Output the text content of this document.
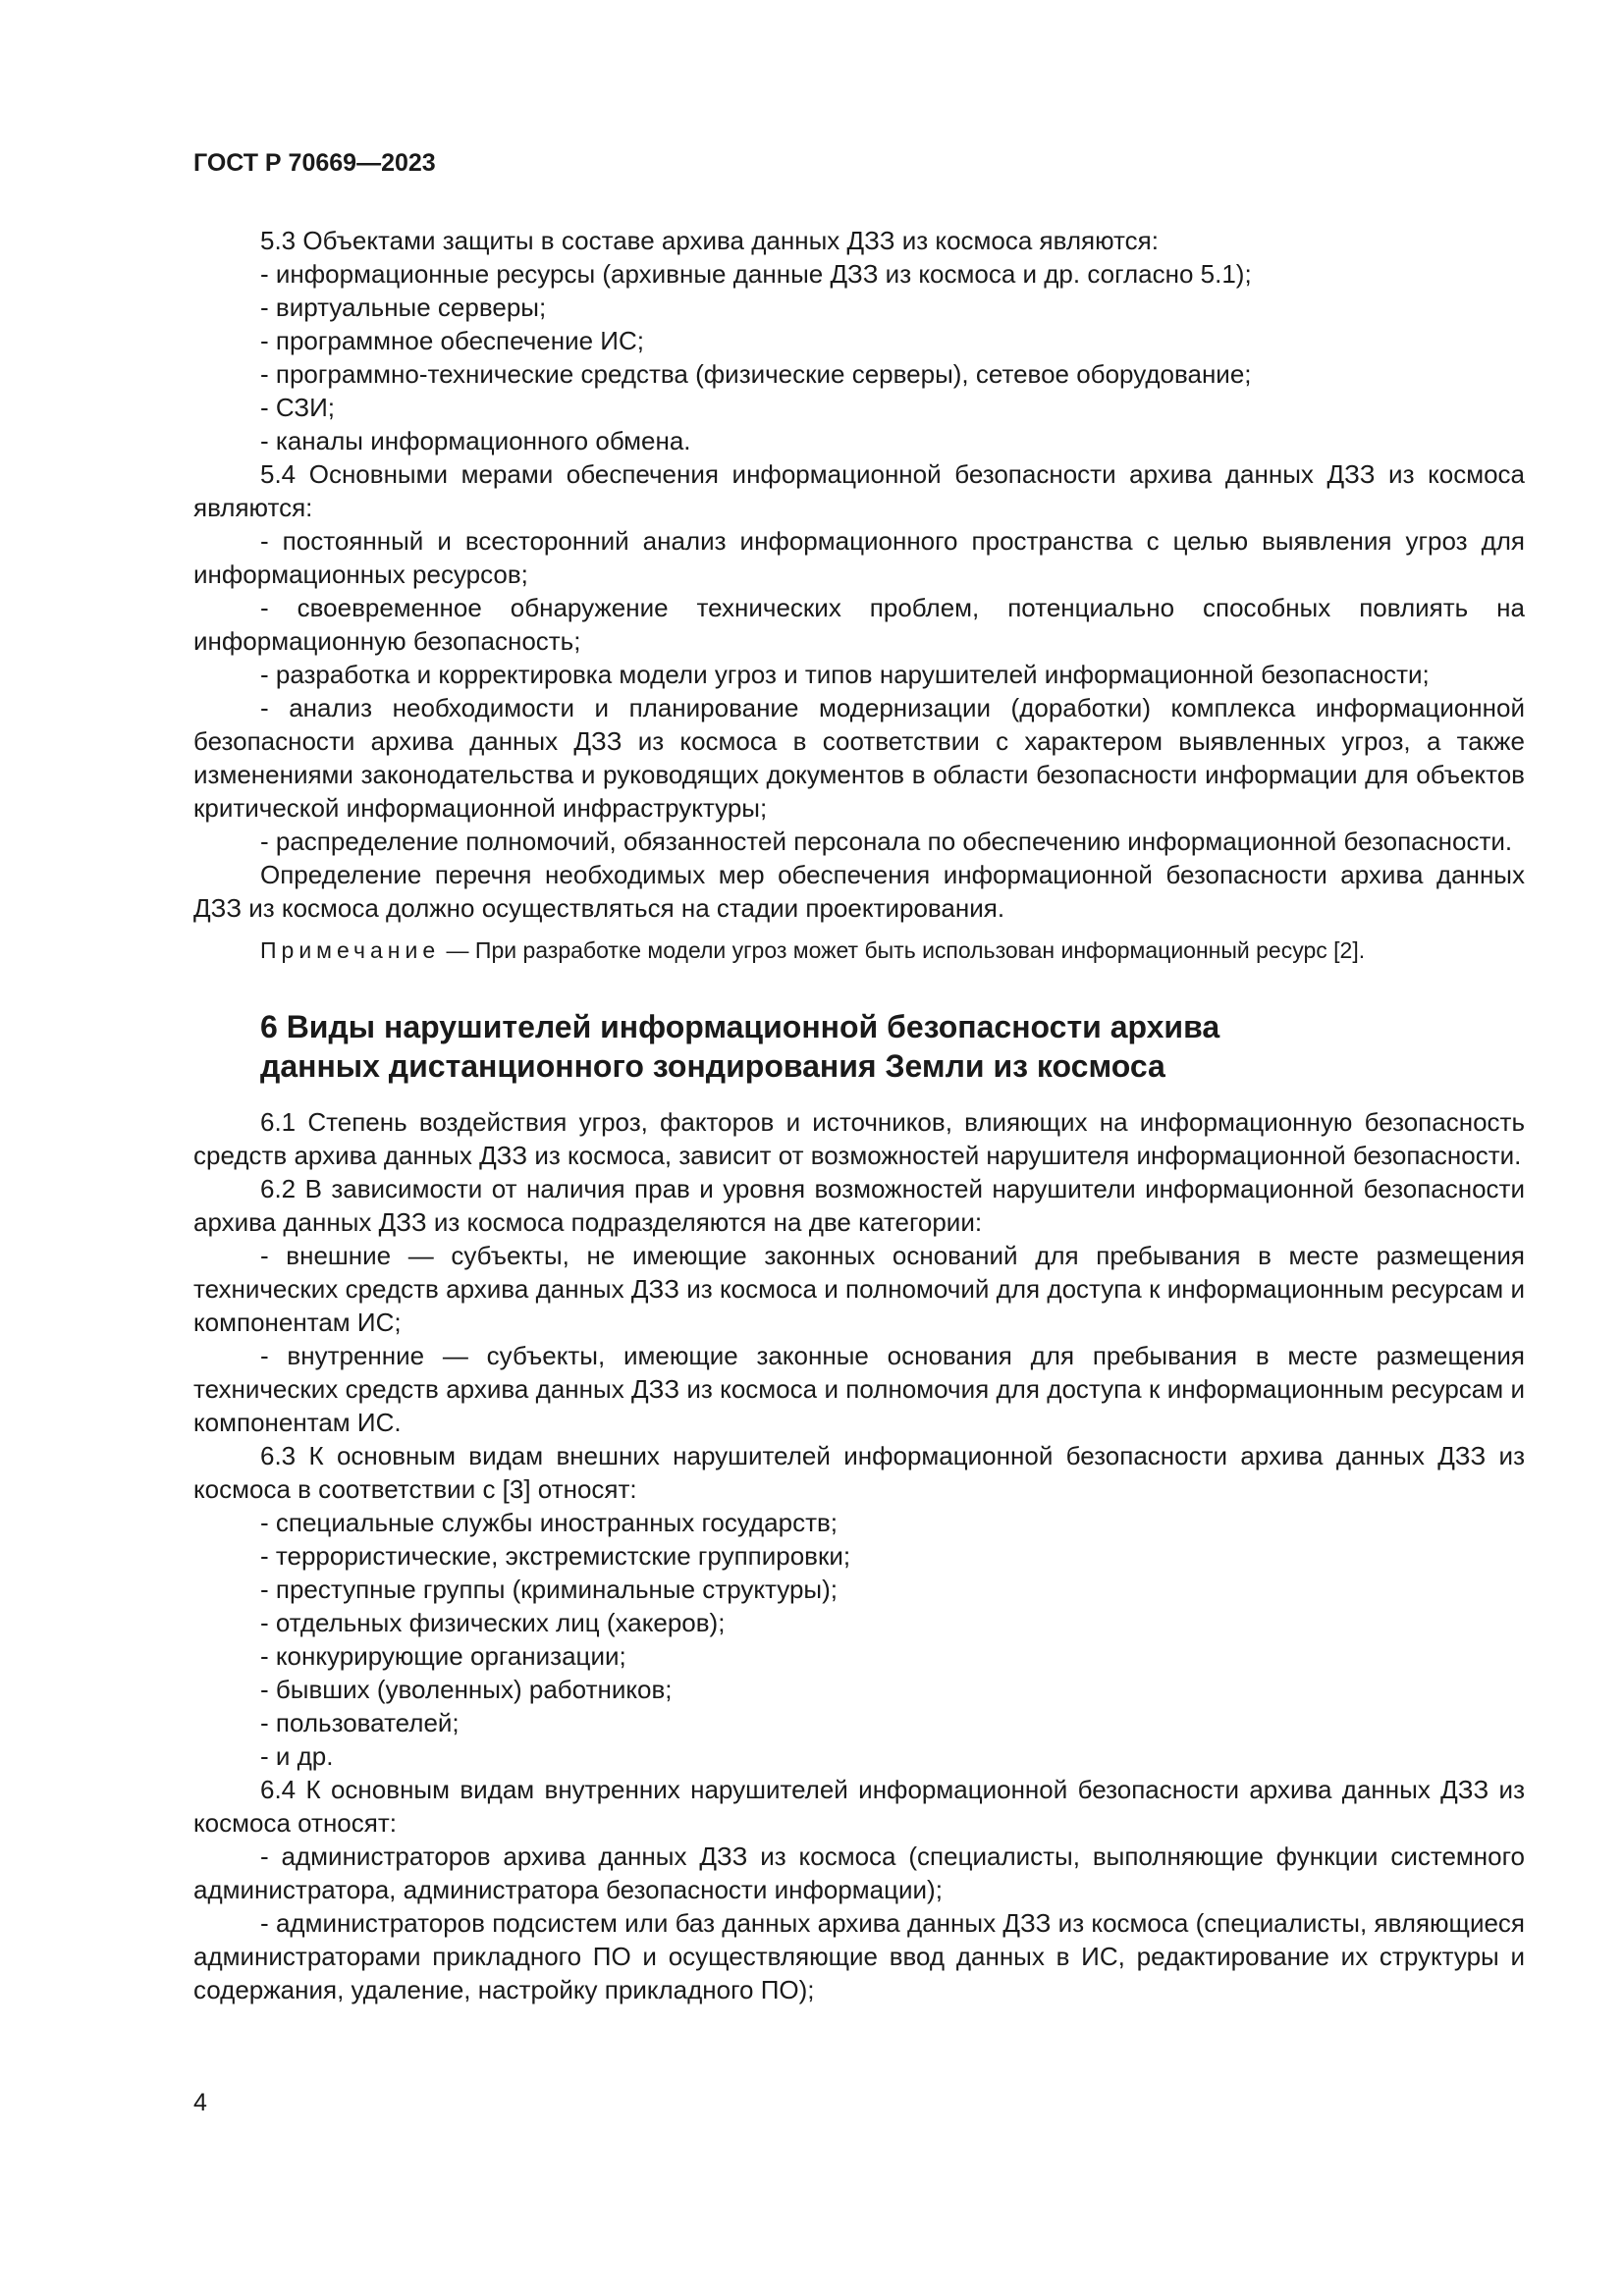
ГОСТ Р 70669—2023

5.3 Объектами защиты в составе архива данных ДЗЗ из космоса являются:

- информационные ресурсы (архивные данные ДЗЗ из космоса и др. согласно 5.1);

- виртуальные серверы;

- программное обеспечение ИС;

- программно-технические средства (физические серверы), сетевое оборудование;

- СЗИ;

- каналы информационного обмена.

5.4 Основными мерами обеспечения информационной безопасности архива данных ДЗЗ из космоса являются:

- постоянный и всесторонний анализ информационного пространства с целью выявления угроз для информационных ресурсов;

- своевременное обнаружение технических проблем, потенциально способных повлиять на информационную безопасность;

- разработка и корректировка модели угроз и типов нарушителей информационной безопасности;

- анализ необходимости и планирование модернизации (доработки) комплекса информационной безопасности архива данных ДЗЗ из космоса в соответствии с характером выявленных угроз, а также изменениями законодательства и руководящих документов в области безопасности информации для объектов критической информационной инфраструктуры;

- распределение полномочий, обязанностей персонала по обеспечению информационной безопасности.

Определение перечня необходимых мер обеспечения информационной безопасности архива данных ДЗЗ из космоса должно осуществляться на стадии проектирования.

Примечание — При разработке модели угроз может быть использован информационный ресурс [2].

6 Виды нарушителей информационной безопасности архива
данных дистанционного зондирования Земли из космоса

6.1 Степень воздействия угроз, факторов и источников, влияющих на информационную безопасность средств архива данных ДЗЗ из космоса, зависит от возможностей нарушителя информационной безопасности.

6.2 В зависимости от наличия прав и уровня возможностей нарушители информационной безопасности архива данных ДЗЗ из космоса подразделяются на две категории:

- внешние — субъекты, не имеющие законных оснований для пребывания в месте размещения технических средств архива данных ДЗЗ из космоса и полномочий для доступа к информационным ресурсам и компонентам ИС;

- внутренние — субъекты, имеющие законные основания для пребывания в месте размещения технических средств архива данных ДЗЗ из космоса и полномочия для доступа к информационным ресурсам и компонентам ИС.

6.3 К основным видам внешних нарушителей информационной безопасности архива данных ДЗЗ из космоса в соответствии с [3] относят:

- специальные службы иностранных государств;

- террористические, экстремистские группировки;

- преступные группы (криминальные структуры);

- отдельных физических лиц (хакеров);

- конкурирующие организации;

- бывших (уволенных) работников;

- пользователей;

- и др.

6.4 К основным видам внутренних нарушителей информационной безопасности архива данных ДЗЗ из космоса относят:

- администраторов архива данных ДЗЗ из космоса (специалисты, выполняющие функции системного администратора, администратора безопасности информации);

- администраторов подсистем или баз данных архива данных ДЗЗ из космоса (специалисты, являющиеся администраторами прикладного ПО и осуществляющие ввод данных в ИС, редактирование их структуры и содержания, удаление, настройку прикладного ПО);

4
